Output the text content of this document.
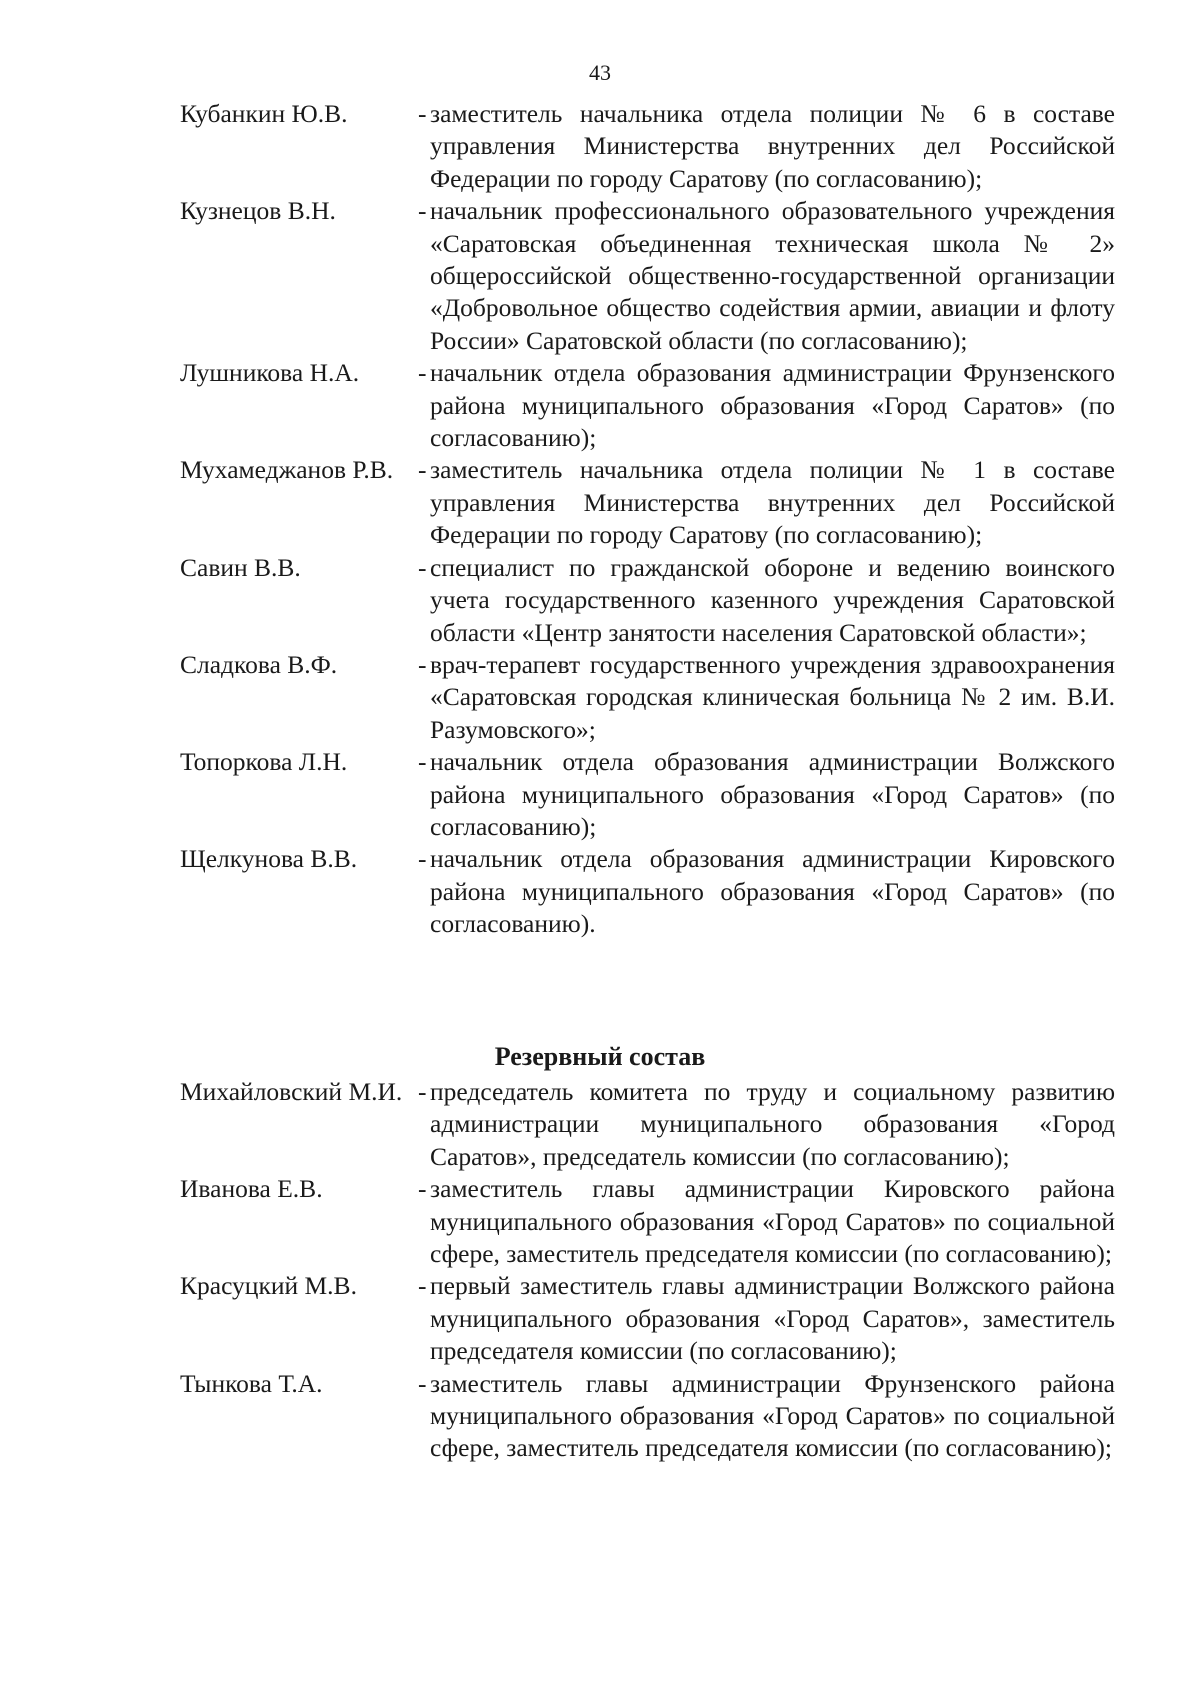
43
Кубанкин Ю.В.	- заместитель начальника отдела полиции № 6 в составе управления Министерства внутренних дел Российской Федерации по городу Саратову (по согласованию);
Кузнецов В.Н.	- начальник профессионального образовательного учреждения «Саратовская объединенная техническая школа № 2» общероссийской общественно-государственной организации «Добровольное общество содействия армии, авиации и флоту России» Саратовской области (по согласованию);
Лушникова Н.А.	- начальник отдела образования администрации Фрунзенского района муниципального образования «Город Саратов» (по согласованию);
Мухамеджанов Р.В. - заместитель начальника отдела полиции № 1 в составе управления Министерства внутренних дел Российской Федерации по городу Саратову (по согласованию);
Савин В.В.	- специалист по гражданской обороне и ведению воинского учета государственного казенного учреждения Саратовской области «Центр занятости населения Саратовской области»;
Сладкова В.Ф.	- врач-терапевт государственного учреждения здравоохранения «Саратовская городская клиническая больница № 2 им. В.И. Разумовского»;
Топоркова Л.Н.	- начальник отдела образования администрации Волжского района муниципального образования «Город Саратов» (по согласованию);
Щелкунова В.В.	- начальник отдела образования администрации Кировского района муниципального образования «Город Саратов» (по согласованию).
Резервный состав
Михайловский М.И. - председатель комитета по труду и социальному развитию администрации муниципального образования «Город Саратов», председатель комиссии (по согласованию);
Иванова Е.В.	- заместитель главы администрации Кировского района муниципального образования «Город Саратов» по социальной сфере, заместитель председателя комиссии (по согласованию);
Красуцкий М.В.	- первый заместитель главы администрации Волжского района муниципального образования «Город Саратов», заместитель председателя комиссии (по согласованию);
Тынкова Т.А.	- заместитель главы администрации Фрунзенского района муниципального образования «Город Саратов» по социальной сфере, заместитель председателя комиссии (по согласованию);
